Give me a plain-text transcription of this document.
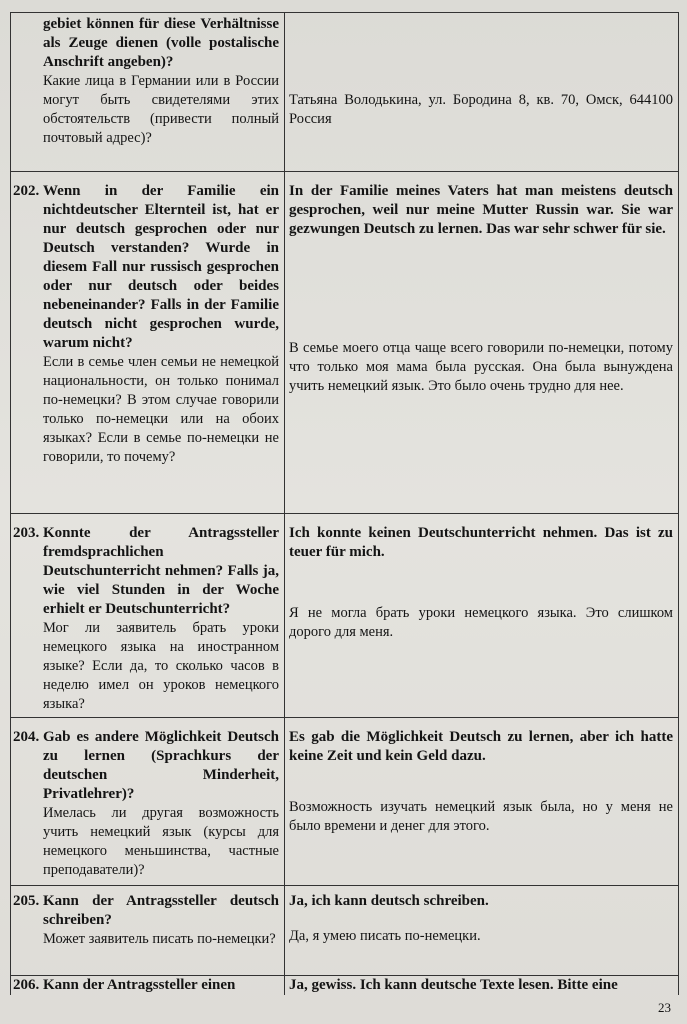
gebiet können für diese Verhältnisse als Zeuge dienen (volle postalische Anschrift angeben)?

Какие лица в Германии или в России могут быть свидетелями этих обстоятельств (привести полный почтовый адрес)?

Татьяна Володькина, ул. Бородина 8, кв. 70, Омск, 644100 Россия

202. Wenn in der Familie ein nichtdeutscher Elternteil ist, hat er nur deutsch gesprochen oder nur Deutsch verstanden? Wurde in diesem Fall nur russisch gesprochen oder nur deutsch oder beides nebeneinander? Falls in der Familie deutsch nicht gesprochen wurde, warum nicht?

Если в семье член семьи не немецкой национальности, он только понимал по-немецки? В этом случае говорили только по-немецки или на обоих языках? Если в семье по-немецки не говорили, то почему?

In der Familie meines Vaters hat man meistens deutsch gesprochen, weil nur meine Mutter Russin war. Sie war gezwungen Deutsch zu lernen. Das war sehr schwer für sie.

В семье моего отца чаще всего говорили по-немецки, потому что только моя мама была русская. Она была вынуждена учить немецкий язык. Это было очень трудно для нее.

203. Konnte der Antragssteller fremdsprachlichen Deutschunterricht nehmen? Falls ja, wie viel Stunden in der Woche erhielt er Deutschunterricht?

Мог ли заявитель брать уроки немецкого языка на иностранном языке? Если да, то сколько часов в неделю имел он уроков немецкого языка?

Ich konnte keinen Deutschunterricht nehmen. Das ist zu teuer für mich.

Я не могла брать уроки немецкого языка. Это слишком дорого для меня.

204. Gab es andere Möglichkeit Deutsch zu lernen (Sprachkurs der deutschen Minderheit, Privatlehrer)?

Имелась ли другая возможность учить немецкий язык (курсы для немецкого меньшинства, частные преподаватели)?

Es gab die Möglichkeit Deutsch zu lernen, aber ich hatte keine Zeit und kein Geld dazu.

Возможность изучать немецкий язык была, но у меня не было времени и денег для этого.

205. Kann der Antragssteller deutsch schreiben?

Может заявитель писать по-немецки?

Ja, ich kann deutsch schreiben.

Да, я умею писать по-немецки.

206. Kann der Antragssteller einen	Ja, gewiss. Ich kann deutsche Texte lesen. Bitte eine

23
